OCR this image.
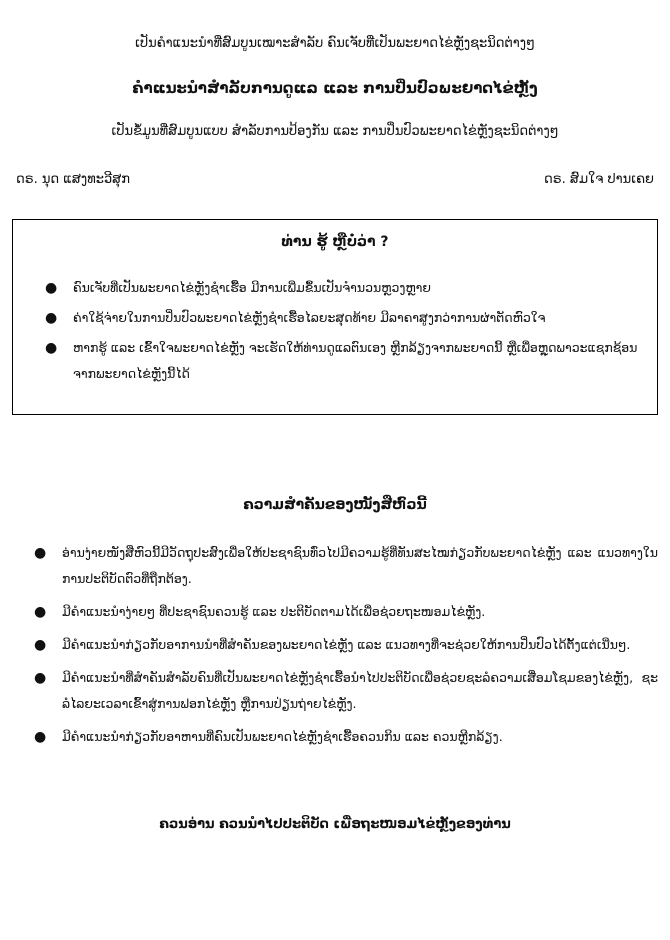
ເປັນຄໍາແນະນໍາທີ່ສົມບູນເໝາະສໍາລັບ ຄົນເຈັບທີ່ເປັນພະຍາດໄຂ່ຫຼັງຊະນິດຕ່າງໆ
ຄໍາແນະນໍາສໍາລັບການດູແລ ແລະ ການປິ່ນປົວພະຍາດໄຂ່ຫຼັງ
ເປັນຂໍ້ມູນທີ່ສົມບູນແບບ ສໍາລັບການປ້ອງກັນ ແລະ ການປິ່ນປົວພະຍາດໄຂ່ຫຼັງຊະນິດຕ່າງໆ
ດຣ. ນຸດ ແສງທະວີສຸກ	ດຣ. ສົມໃຈ ປານເຄຍ
ທ່ານ ຮູ້ ຫຼືບໍ່ວ່າ ?
● ຄົນເຈັບທີ່ເປັນພະຍາດໄຂ່ຫຼັງຊໍາເຮື້ອ ມີການເພີ່ມຂຶ້ນເປັນຈໍານວນຫຼວງຫຼາຍ
● ຄ່າໃຊ້ຈ່າຍໃນການປິ່ນປົວພະຍາດໄຂ່ຫຼັງຊໍາເຮື້ອໄລຍະສຸດທ້າຍ ມີລາຄາສູງກວ່າການຜ່າຕັດຫົວໃຈ
● ຫາກຮູ້ ແລະ ເຂົ້າໃຈພະຍາດໄຂ່ຫຼັງ ຈະເຮັດໃຫ້ທ່ານດູແລຕົນເອງ ຫຼີກລ້ຽງຈາກພະຍາດນີ້ ຫຼືເພື່ອຫຼຸດພາວະແຊກຊ້ອນຈາກພະຍາດໄຂ່ຫຼັງນີ້ໄດ້
ຄວາມສໍາຄັນຂອງໜັງສືຫົວນີ້
● ອ່ານງ່າຍໜັງສືຫົວນີ້ມີວັດຖຸປະສົງເພື່ອໃຫ້ປະຊາຊົນທົ່ວໄປມີຄວາມຮູ້ທີ່ທັນສະໄໝກ່ຽວກັບພະຍາດໄຂ່ຫຼັງ ແລະ ແນວທາງໃນການປະຕິບັດຕົວທີ່ຖືກຕ້ອງ.
● ມີຄໍາແນະນໍາງ່າຍໆ ທີ່ປະຊາຊົນຄວນຮູ້ ແລະ ປະຕິບັດຕາມໄດ້ເພື່ອຊ່ວຍຖະໜອມໄຂ່ຫຼັງ.
● ມີຄໍາແນະນໍາກ່ຽວກັບອາການນໍາທີ່ສໍາຄັນຂອງພະຍາດໄຂ່ຫຼັງ ແລະ ແນວທາງທີ່ຈະຊ່ວຍໃຫ້ການປິ່ນປົວໄດ້ຕັ້ງແຕ່ເນີ່ນໆ.
● ມີຄໍາແນະນໍາທີ່ສໍາຄັນສໍາລັບຄົນທີ່ເປັນພະຍາດໄຂ່ຫຼັງຊໍາເຮື້ອນໍາໄປປະຕິບັດເພື່ອຊ່ວຍຊະລໍຄວາມເສື່ອມໂຊມຂອງໄຂ່ຫຼັງ, ຊະລໍໄລຍະເວລາເຂົ້າສູ່ການຟອກໄຂ່ຫຼັງ ຫຼືການປ່ຽນຖ່າຍໄຂ່ຫຼັງ.
● ມີຄໍາແນະນໍາກ່ຽວກັບອາຫານທີ່ຄົນເປັນພະຍາດໄຂ່ຫຼັງຊໍາເຮື້ອຄວນກິນ ແລະ ຄວນຫຼີກລ້ຽງ.
ຄວນອ່ານ ຄວນນໍາໄປປະຕິບັດ ເພື່ອຖະໜອມໄຂ່ຫຼັງຂອງທ່ານ
